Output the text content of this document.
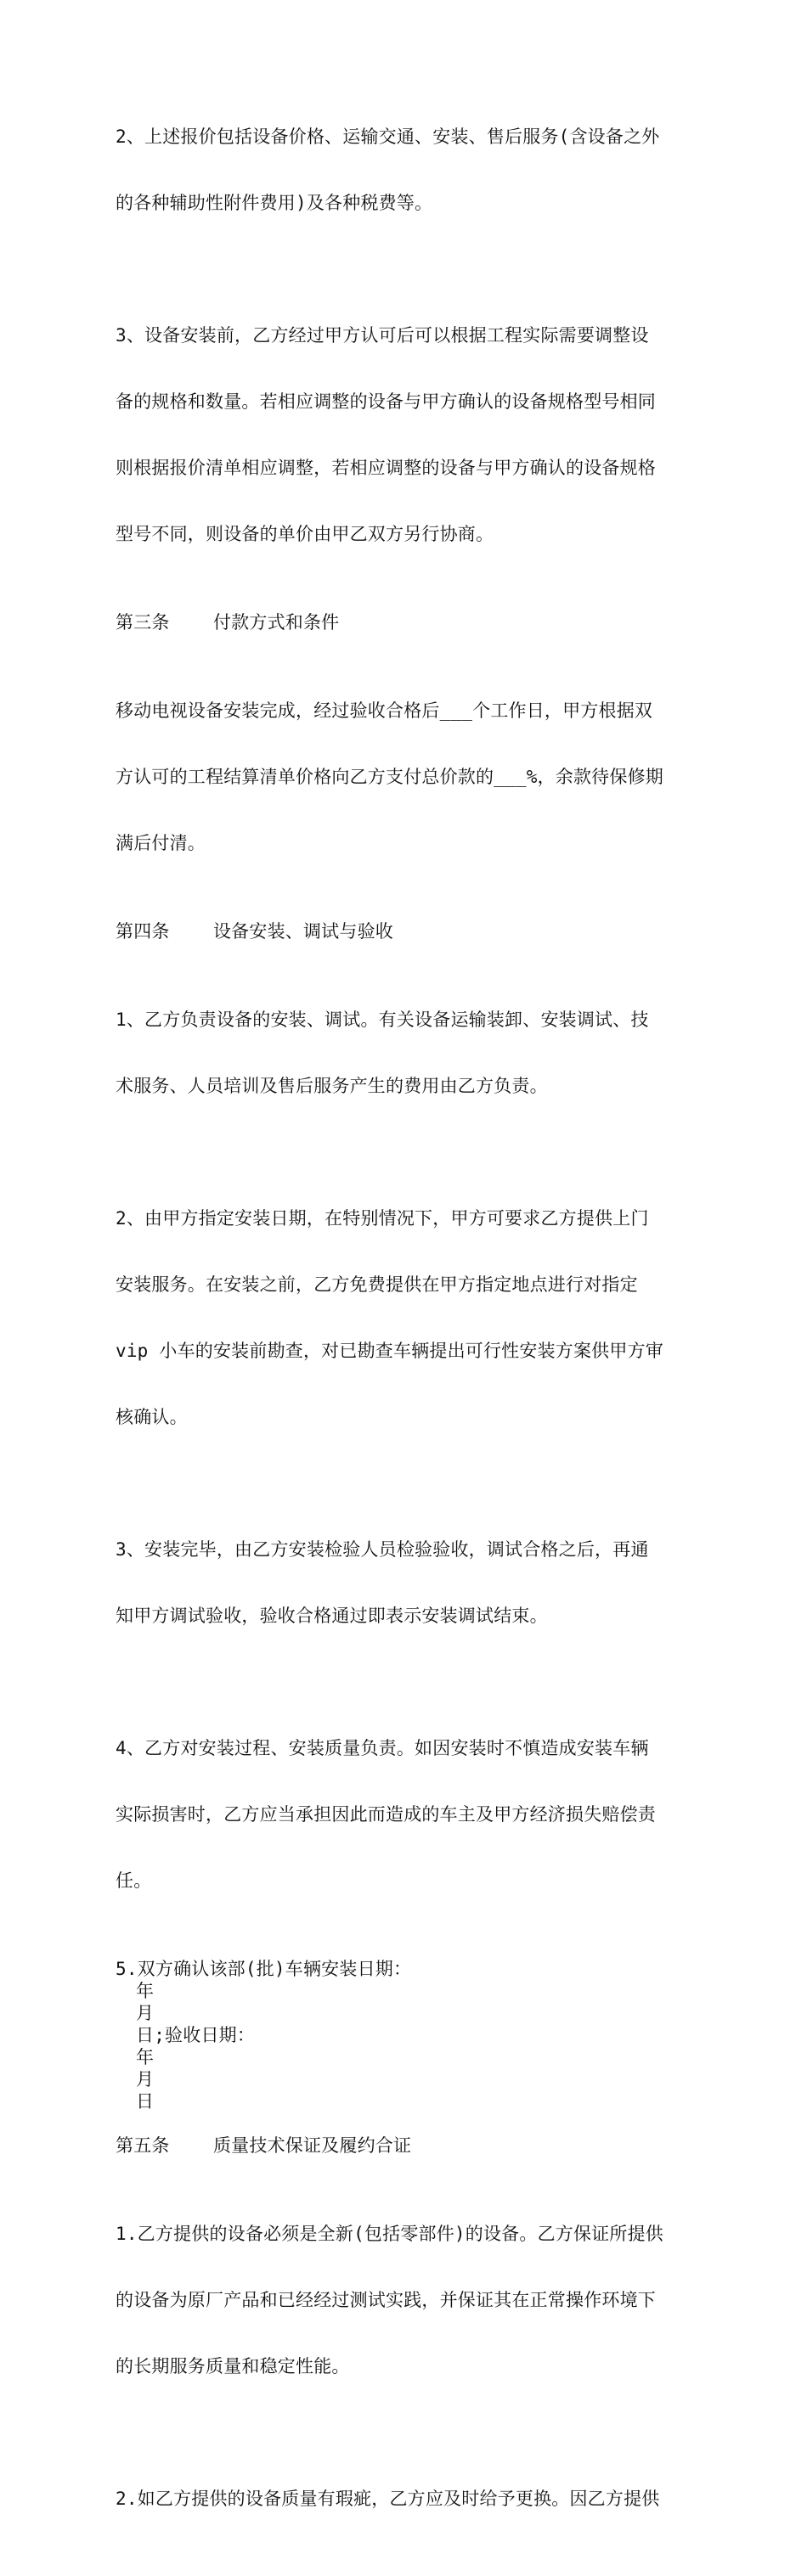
2、上述报价包括设备价格、运输交通、安装、售后服务(含设备之外

的各种辅助性附件费用)及各种税费等。

3、设备安装前，乙方经过甲方认可后可以根据工程实际需要调整设

备的规格和数量。若相应调整的设备与甲方确认的设备规格型号相同

则根据报价清单相应调整，若相应调整的设备与甲方确认的设备规格

型号不同，则设备的单价由甲乙双方另行协商。

第三条    付款方式和条件

移动电视设备安装完成，经过验收合格后___个工作日，甲方根据双

方认可的工程结算清单价格向乙方支付总价款的___%，余款待保修期

满后付清。

第四条    设备安装、调试与验收

1、乙方负责设备的安装、调试。有关设备运输装卸、安装调试、技

术服务、人员培训及售后服务产生的费用由乙方负责。

2、由甲方指定安装日期，在特别情况下，甲方可要求乙方提供上门

安装服务。在安装之前，乙方免费提供在甲方指定地点进行对指定

vip 小车的安装前勘查，对已勘查车辆提出可行性安装方案供甲方审

核确认。

3、安装完毕，由乙方安装检验人员检验验收，调试合格之后，再通

知甲方调试验收，验收合格通过即表示安装调试结束。

4、乙方对安装过程、安装质量负责。如因安装时不慎造成安装车辆

实际损害时，乙方应当承担因此而造成的车主及甲方经济损失赔偿责

任。

5.双方确认该部(批)车辆安装日期：
年
月
日;验收日期：
年
月
日
第五条    质量技术保证及履约合证

1.乙方提供的设备必须是全新(包括零部件)的设备。乙方保证所提供

的设备为原厂产品和已经经过测试实践，并保证其在正常操作环境下

的长期服务质量和稳定性能。

2.如乙方提供的设备质量有瑕疵，乙方应及时给予更换。因乙方提供
